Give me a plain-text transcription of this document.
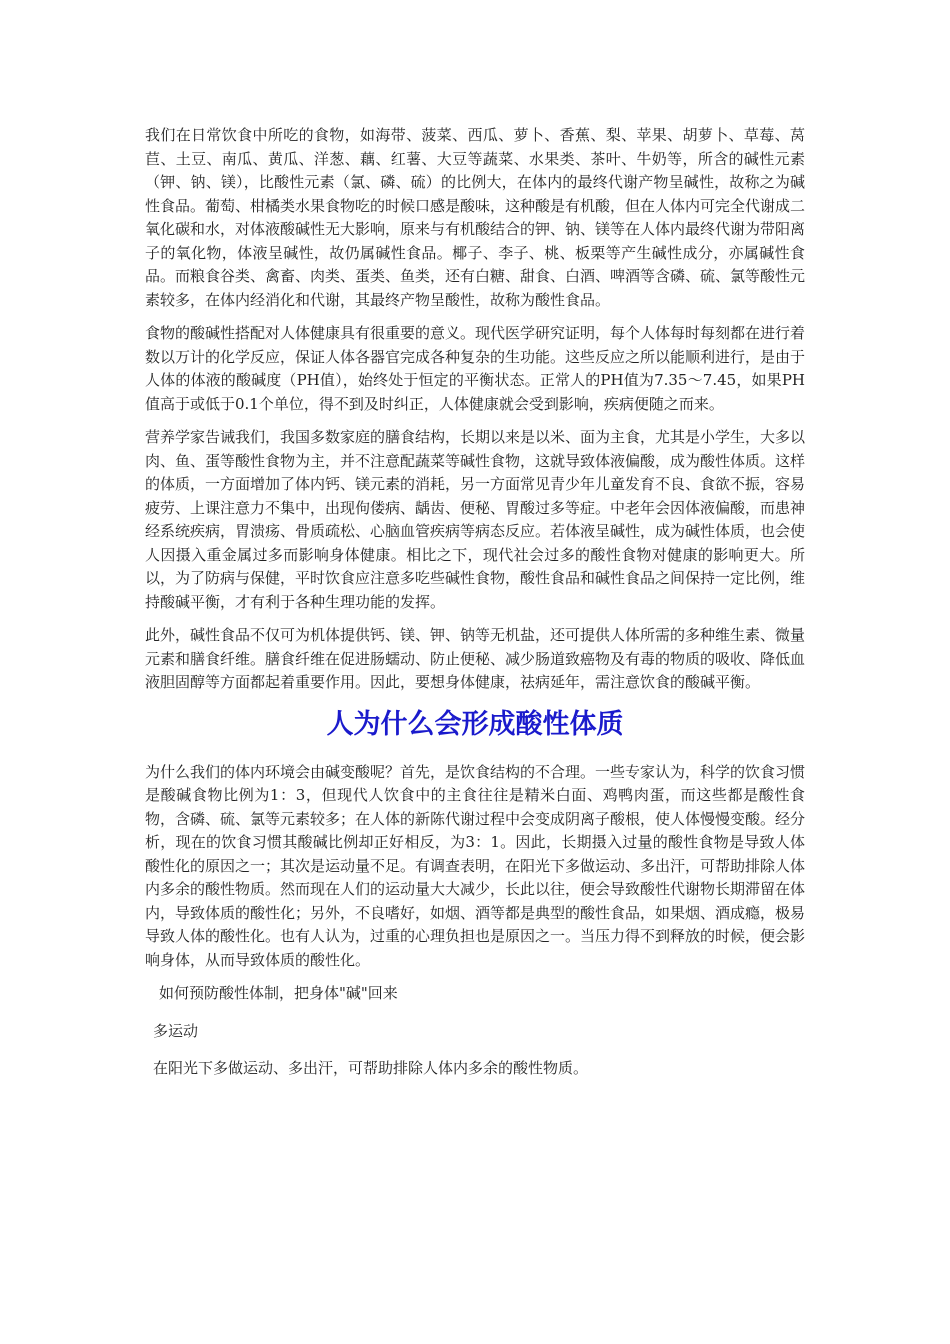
我们在日常饮食中所吃的食物，如海带、菠菜、西瓜、萝卜、香蕉、梨、苹果、胡萝卜、草莓、莴苣、土豆、南瓜、黄瓜、洋葱、藕、红薯、大豆等蔬菜、水果类、茶叶、牛奶等，所含的碱性元素（钾、钠、镁），比酸性元素（氯、磷、硫）的比例大，在体内的最终代谢产物呈碱性，故称之为碱性食品。葡萄、柑橘类水果食物吃的时候口感是酸味，这种酸是有机酸，但在人体内可完全代谢成二氧化碳和水，对体液酸碱性无大影响，原来与有机酸结合的钾、钠、镁等在人体内最终代谢为带阳离子的氧化物，体液呈碱性，故仍属碱性食品。椰子、李子、桃、板栗等产生碱性成分，亦属碱性食品。而粮食谷类、禽畜、肉类、蛋类、鱼类，还有白糖、甜食、白酒、啤酒等含磷、硫、氯等酸性元素较多，在体内经消化和代谢，其最终产物呈酸性，故称为酸性食品。

食物的酸碱性搭配对人体健康具有很重要的意义。现代医学研究证明，每个人体每时每刻都在进行着数以万计的化学反应，保证人体各器官完成各种复杂的生功能。这些反应之所以能顺利进行，是由于人体的体液的酸碱度（PH值），始终处于恒定的平衡状态。正常人的PH值为7.35～7.45，如果PH值高于或低于0.1个单位，得不到及时纠正，人体健康就会受到影响，疾病便随之而来。

营养学家告诫我们，我国多数家庭的膳食结构，长期以来是以米、面为主食，尤其是小学生，大多以肉、鱼、蛋等酸性食物为主，并不注意配蔬菜等碱性食物，这就导致体液偏酸，成为酸性体质。这样的体质，一方面增加了体内钙、镁元素的消耗，另一方面常见青少年儿童发育不良、食欲不振，容易疲劳、上课注意力不集中，出现佝偻病、龋齿、便秘、胃酸过多等症。中老年会因体液偏酸，而患神经系统疾病，胃溃疡、骨质疏松、心脑血管疾病等病态反应。若体液呈碱性，成为碱性体质，也会使人因摄入重金属过多而影响身体健康。相比之下，现代社会过多的酸性食物对健康的影响更大。所以，为了防病与保健，平时饮食应注意多吃些碱性食物，酸性食品和碱性食品之间保持一定比例，维持酸碱平衡，才有利于各种生理功能的发挥。

此外，碱性食品不仅可为机体提供钙、镁、钾、钠等无机盐，还可提供人体所需的多种维生素、微量元素和膳食纤维。膳食纤维在促进肠蠕动、防止便秘、减少肠道致癌物及有毒的物质的吸收、降低血液胆固醇等方面都起着重要作用。因此，要想身体健康，祛病延年，需注意饮食的酸碱平衡。

人为什么会形成酸性体质

为什么我们的体内环境会由碱变酸呢？首先，是饮食结构的不合理。一些专家认为，科学的饮食习惯是酸碱食物比例为1：3，但现代人饮食中的主食往往是精米白面、鸡鸭肉蛋，而这些都是酸性食物，含磷、硫、氯等元素较多；在人体的新陈代谢过程中会变成阴离子酸根，使人体慢慢变酸。经分析，现在的饮食习惯其酸碱比例却正好相反，为3：1。因此，长期摄入过量的酸性食物是导致人体酸性化的原因之一；其次是运动量不足。有调查表明，在阳光下多做运动、多出汗，可帮助排除人体内多余的酸性物质。然而现在人们的运动量大大减少，长此以往，便会导致酸性代谢物长期滞留在体内，导致体质的酸性化；另外，不良嗜好，如烟、酒等都是典型的酸性食品，如果烟、酒成瘾，极易导致人体的酸性化。也有人认为，过重的心理负担也是原因之一。当压力得不到释放的时候，便会影响身体，从而导致体质的酸性化。

如何预防酸性体制，把身体"碱"回来

多运动

在阳光下多做运动、多出汗，可帮助排除人体内多余的酸性物质。
